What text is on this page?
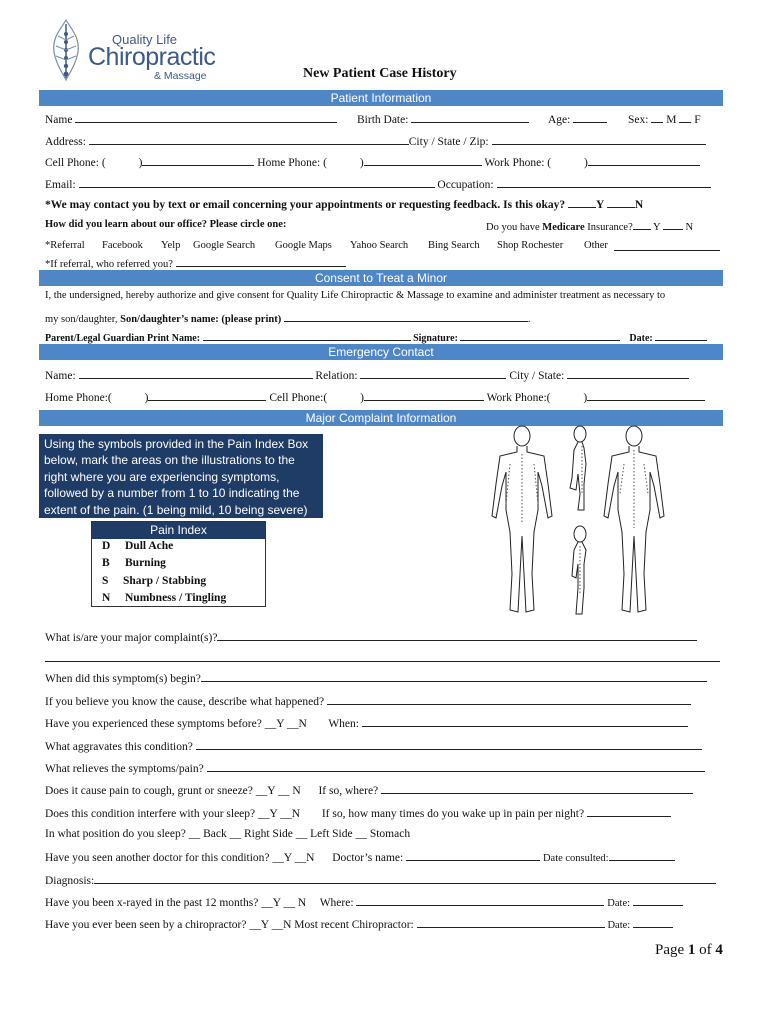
Quality Life
Chiropractic
& Massage	New Patient Case History
Patient Information
Name	Birth Date:	Age:	Sex: M F
Address:	City / State / Zip:
Cell Phone: (	)	Home Phone: (	)	Work Phone: (	)
Email:	Occupation:
*We may contact you by text or email concerning your appointments or requesting feedback. Is this okay?	Y	N
How did you learn about our office? Please circle one:	Do you have Medicare Insurance? Y N
*Referral Facebook Yelp Google Search Google Maps Yahoo Search Bing Search Shop Rochester Other
*If referral, who referred you?
Consent to Treat a Minor
I, the undersigned, hereby authorize and give consent for Quality Life Chiropractic & Massage to examine and administer treatment as necessary to
my son/daughter, Son/daughter’s name: (please print)	.
Parent/Legal Guardian Print Name:	Signature:	Date:
Emergency Contact
Name:	Relation:	City / State:
Home Phone:(	)	Cell Phone:(	)	Work Phone:(	)
Major Complaint Information
Using the symbols provided in the Pain Index Box below, mark the areas on the illustrations to the right where you are experiencing symptoms, followed by a number from 1 to 10 indicating the extent of the pain. (1 being mild, 10 being severe)
Pain Index
D Dull Ache
B Burning
S Sharp / Stabbing
N Numbness / Tingling
What is/are your major complaint(s)?
When did this symptom(s) begin?
If you believe you know the cause, describe what happened?
Have you experienced these symptoms before? __Y __N When:
What aggravates this condition?
What relieves the symptoms/pain?
Does it cause pain to cough, grunt or sneeze? __Y __ N If so, where?
Does this condition interfere with your sleep? __Y __N If so, how many times do you wake up in pain per night?
In what position do you sleep? __ Back __ Right Side __ Left Side __ Stomach
Have you seen another doctor for this condition? __Y __N Doctor’s name:	Date consulted:
Diagnosis:
Have you been x-rayed in the past 12 months? __Y __ N Where:	Date:
Have you ever been seen by a chiropractor? __Y __N Most recent Chiropractor:	Date:
Page 1 of 4
